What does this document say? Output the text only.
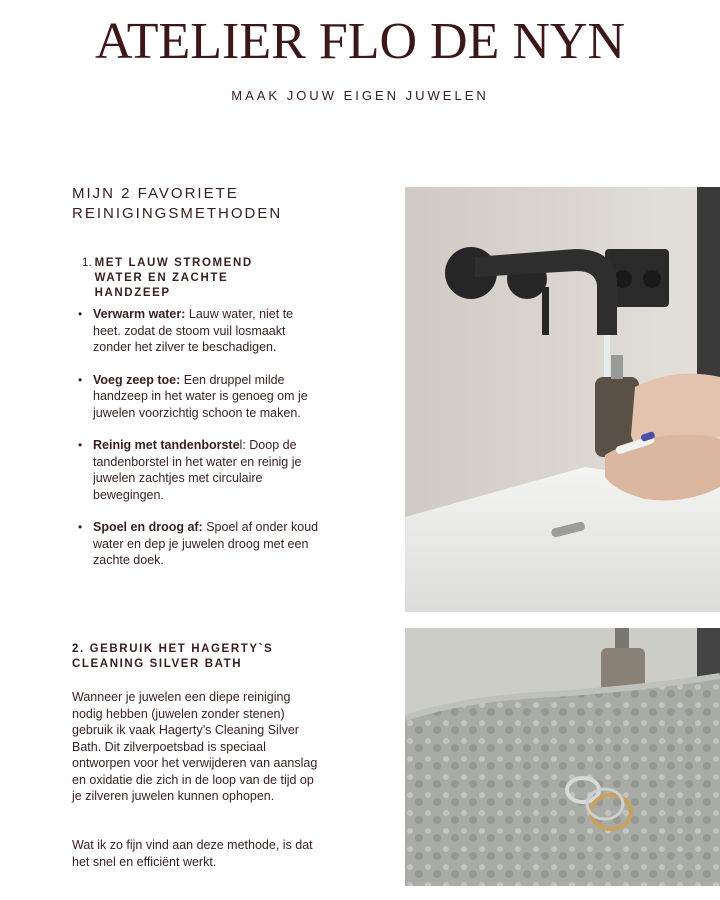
ATELIER FLO DE NYN
MAAK JOUW EIGEN JUWELEN
MIJN 2 FAVORIETE
REINIGINGSMETHODEN
1. MET LAUW STROMEND WATER EN ZACHTE HANDZEEP
• Verwarm water: Lauw water, niet te heet. zodat de stoom vuil losmaakt zonder het zilver te beschadigen.
• Voeg zeep toe: Een druppel milde handzeep in het water is genoeg om je juwelen voorzichtig schoon te maken.
• Reinig met tandenborstel: Doop de tandenborstel in het water en reinig je juwelen zachtjes met circulaire bewegingen.
• Spoel en droog af: Spoel af onder koud water en dep je juwelen droog met een zachte doek.
2. GEBRUIK HET HAGERTY`S CLEANING SILVER BATH

Wanneer je juwelen een diepe reiniging nodig hebben (juwelen zonder stenen) gebruik ik vaak Hagerty’s Cleaning Silver Bath. Dit zilverpoetsbad is speciaal ontworpen voor het verwijderen van aanslag en oxidatie die zich in de loop van de tijd op je zilveren juwelen kunnen ophopen.

Wat ik zo fijn vind aan deze methode, is dat het snel en efficiënt werkt.
